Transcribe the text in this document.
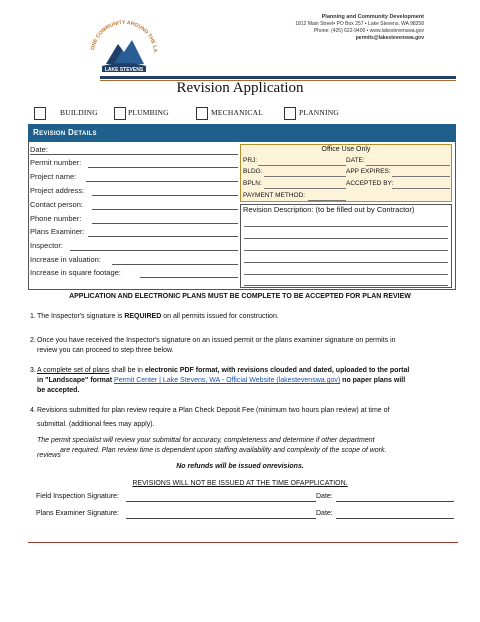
ONE COMMUNITY AROUND THE LA
LAKE STEVENS
Planning and Community Development
1812 Main Street• PO Box 257 • Lake Stevens, WA 98258
Phone: (425) 622-9400 • www.lakestevenswa.gov
permits@lakestevenswa.gov
Revision Application
BUILDING	PLUMBING	MECHANICAL	PLANNING
Revision Details
Date:
Permit number:
Project name:
Project address:
Contact person:
Phone number:
Plans Examiner:
Inspector:
Increase in valuation:
Increase in square footage:
Office Use Only
PRJ:	DATE:
BLDG:	APP EXPIRES:
BPLN:	ACCEPTED BY:
PAYMENT METHOD:
Revision Description: (to be filled out by Contractor)
APPLICATION AND ELECTRONIC PLANS MUST BE COMPLETE TO BE ACCEPTED FOR PLAN REVIEW
1.The Inspector's signature is REQUIRED on all permits issued for construction.
2.Once you have received the Inspector's signature on an issued permit or the plans examiner signature on permits in
review you can proceed to step three below.
3.A complete set of plans shall be in electronic PDF format, with revisions clouded and dated, uploaded to the portal
in "Landscape" format Permit Center | Lake Stevens, WA - Official Website (lakestevenswa.gov) no paper plans will
be accepted.
4.Revisions submitted for plan review require a Plan Check Deposit Fee (minimum two hours plan review) at time of
submittal. (additional fees may apply).
The permit specialist will review your submittal for accuracy, completeness and determine if other department
reviews
are required. Plan review time is dependent upon staffing availability and complexity of the scope of work.
No refunds will be issued onrevisions.
REVISIONS WILL NOT BE ISSUED AT THE TIME OFAPPLICATION.
Field Inspection Signature:	Date:
Plans Examiner Signature:	Date:
